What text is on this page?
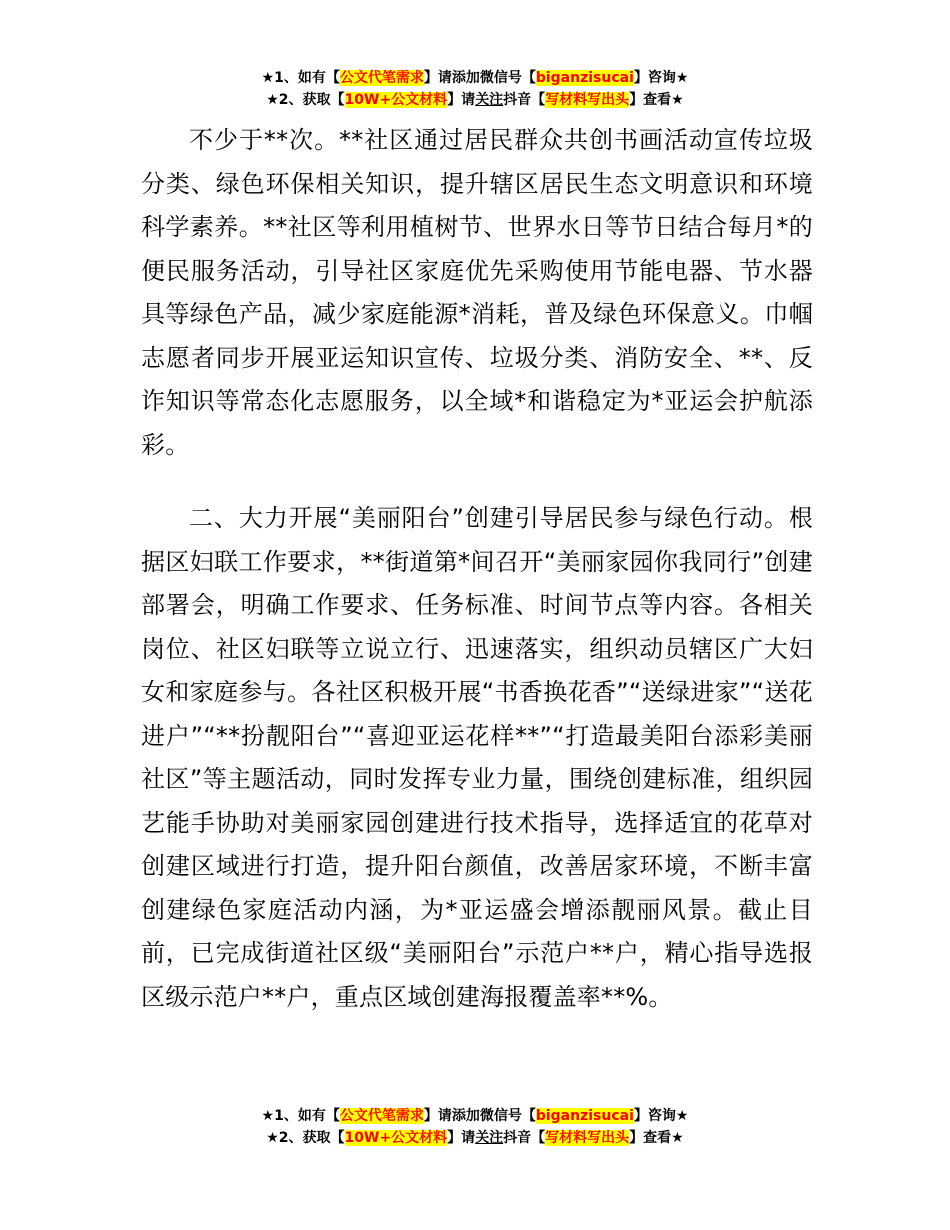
★1、如有【公文代笔需求】请添加微信号【biganzisucai】咨询★
★2、获取【10W+公文材料】请关注抖音【写材料写出头】查看★

不少于**次。**社区通过居民群众共创书画活动宣传垃圾分类、绿色环保相关知识，提升辖区居民生态文明意识和环境科学素养。**社区等利用植树节、世界水日等节日结合每月*的便民服务活动，引导社区家庭优先采购使用节能电器、节水器具等绿色产品，减少家庭能源*消耗，普及绿色环保意义。巾帼志愿者同步开展亚运知识宣传、垃圾分类、消防安全、**、反诈知识等常态化志愿服务，以全域*和谐稳定为*亚运会护航添彩。

二、大力开展“美丽阳台”创建引导居民参与绿色行动。根据区妇联工作要求，**街道第*间召开“美丽家园你我同行”创建部署会，明确工作要求、任务标准、时间节点等内容。各相关岗位、社区妇联等立说立行、迅速落实，组织动员辖区广大妇女和家庭参与。各社区积极开展“书香换花香”“送绿进家”“送花进户”“**扮靓阳台”“喜迎亚运花样**”“打造最美阳台添彩美丽社区”等主题活动，同时发挥专业力量，围绕创建标准，组织园艺能手协助对美丽家园创建进行技术指导，选择适宜的花草对创建区域进行打造，提升阳台颜值，改善居家环境，不断丰富创建绿色家庭活动内涵，为*亚运盛会增添靓丽风景。截止目前，已完成街道社区级“美丽阳台”示范户**户，精心指导选报区级示范户**户，重点区域创建海报覆盖率**%。

★1、如有【公文代笔需求】请添加微信号【biganzisucai】咨询★
★2、获取【10W+公文材料】请关注抖音【写材料写出头】查看★
